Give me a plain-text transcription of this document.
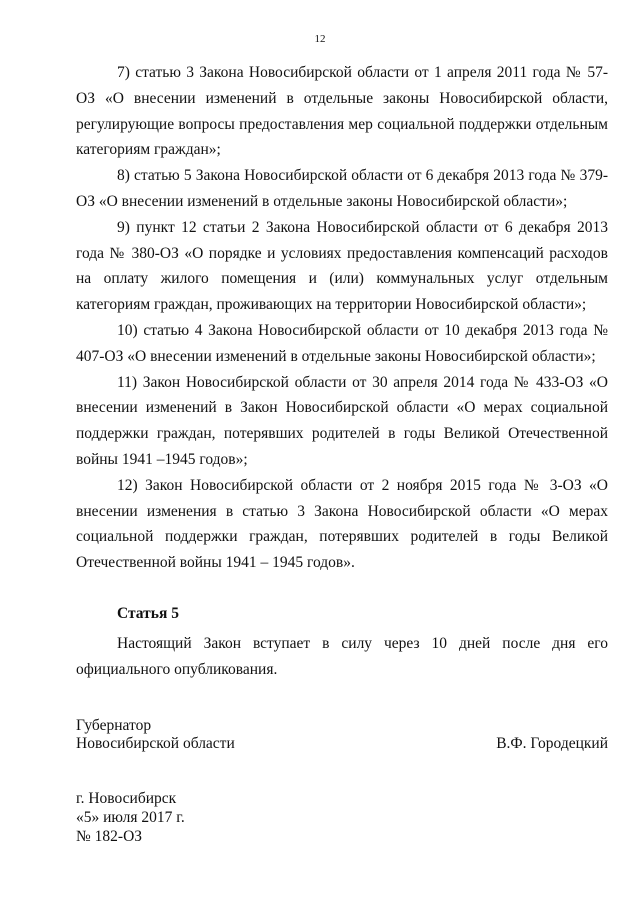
12

7) статью 3 Закона Новосибирской области от 1 апреля 2011 года № 57-ОЗ «О внесении изменений в отдельные законы Новосибирской области, регулирующие вопросы предоставления мер социальной поддержки отдельным категориям граждан»;

8) статью 5 Закона Новосибирской области от 6 декабря 2013 года № 379-ОЗ «О внесении изменений в отдельные законы Новосибирской области»;

9) пункт 12 статьи 2 Закона Новосибирской области от 6 декабря 2013 года № 380-ОЗ «О порядке и условиях предоставления компенсаций расходов на оплату жилого помещения и (или) коммунальных услуг отдельным категориям граждан, проживающих на территории Новосибирской области»;

10) статью 4 Закона Новосибирской области от 10 декабря 2013 года № 407-ОЗ «О внесении изменений в отдельные законы Новосибирской области»;

11) Закон Новосибирской области от 30 апреля 2014 года № 433-ОЗ «О внесении изменений в Закон Новосибирской области «О мерах социальной поддержки граждан, потерявших родителей в годы Великой Отечественной войны 1941 –1945 годов»;

12) Закон Новосибирской области от 2 ноября 2015 года № 3-ОЗ «О внесении изменения в статью 3 Закона Новосибирской области «О мерах социальной поддержки граждан, потерявших родителей в годы Великой Отечественной войны 1941 – 1945 годов».

Статья 5

Настоящий Закон вступает в силу через 10 дней после дня его официального опубликования.

Губернатор
Новосибирской области	В.Ф. Городецкий
г. Новосибирск
«5» июля 2017 г.
№ 182-ОЗ
